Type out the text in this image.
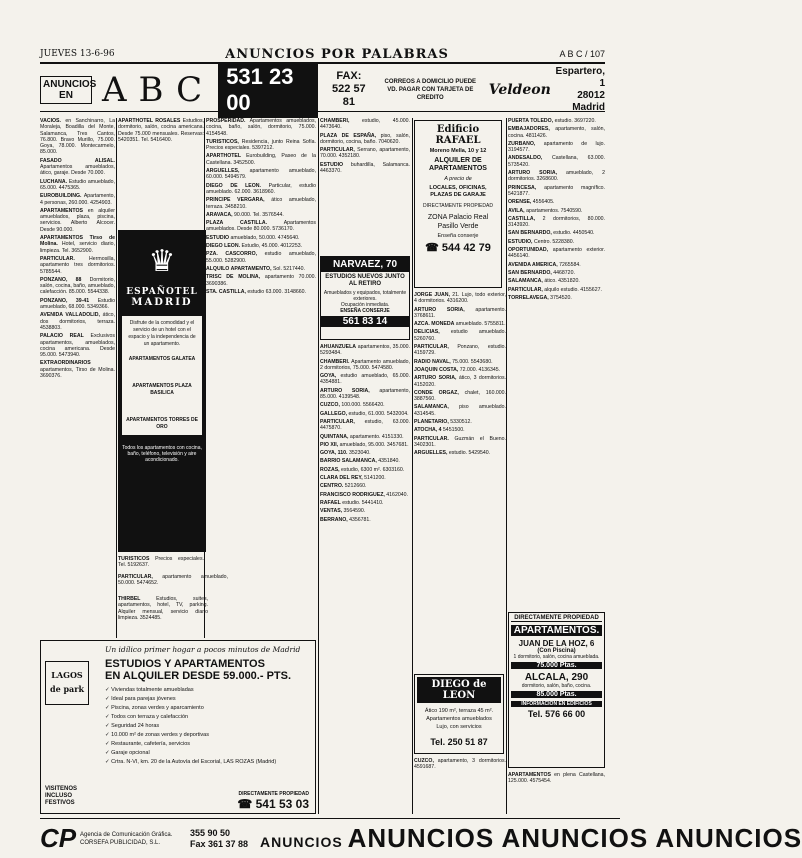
JUEVES 13-6-96	ANUNCIOS POR PALABRAS	A B C / 107
ANUNCIOS EN ABC 531 23 00
FAX:
522 57 81
CORREOS A DOMICILIO PUEDE VD. PAGAR CON TARJETA DE CREDITO	Veldeon
Espartero, 1
28012 Madrid

VACIOS. en Sanchinarro, La Moraleja, Boadilla del Monte, Salamanca, Tres Cantos, 76.800. Bravo Murillo, 75.000. Goya, 78.000. Montecarmelo, 85.000.

FASADO ALISAL. Apartamentos amueblados, ático, garaje. Desde 70.000.

LUCHANA. Estudio amueblado, 65.000. 4475365.

EUROBUILDING. Apartamento, 4 personas, 260.000. 4254903.

APARTAMENTOS en alquiler amueblados, plaza, piscina, servicios. Alberto Alcocer. Desde 90.000.

APARTAMENTOS Tirso de Molina. Hotel, servicio diario, limpieza. Tel. 3652900.

PARTICULAR. Hermosilla, apartamento tres dormitorios. 5785544.

PONZANO, 88 Dormitorio, salón, cocina, baño, amueblado, calefacción. 85.000. 5544338.

PONZANO, 39-41 Estudio amueblado, 68.000. 5349366.

AVENIDA VALLADOLID, ático, dos dormitorios, terraza. 4538803.

PALACIO REAL Exclusivos apartamentos, amueblados, cocina americana. Desde 95.000. 5473940.

EXTRAORDINARIOS apartamentos, Tirso de Molina. 3690376.

APARTHOTEL ROSALES Estudios, dormitorio, salón, cocina americana. Desde 75.000 mensuales. Reservas: 5420351. Tel. 5416400.

♛
ESPAÑOTEL
MADRID
Disfrute de la comodidad y el servicio de un hotel con el espacio y la independencia de un apartamento.
APARTAMENTOS GALATEA
APARTAMENTOS PLAZA BASILICA
APARTAMENTOS TORRES DE ORO
Todos los apartamentos con cocina, baño, teléfono, televisión y aire acondicionado.

TURISTICOS Precios especiales. Tel. 5192637.

PROSPERIDAD. Apartamentos amueblados, cocina, baño, salón, dormitorio, 75.000. 4154548.

TURISTICOS, Residencia, junto Reina Sofía. Precios especiales. 5397212.

APARTHOTEL Eurobuilding, Paseo de la Castellana. 3452500.

ARGUELLES, apartamento amueblado, 60.000. 5494579.

DIEGO DE LEON. Particular, estudio amueblado. 62.000. 3618960.

PRINCIPE VERGARA, ático amueblado, terraza. 3458210.

ARAVACA, 90.000. Tel. 3576544.

PLAZA CASTILLA. Apartamentos amueblados. Desde 80.000. 5736170.

ESTUDIO amueblado, 50.000. 4745640.

DIEGO LEON. Estudio, 45.000. 4012253.

PZA. CASCORRO, estudio amueblado, 55.000. 5282900.

ALQUILO APARTAMENTO, Sol. 5217440.

TRISC DE MOLINA, apartamento 70.000. 3690386.

STA. CASTILLA, estudio 63.000. 3148660.

PARTICULAR, apartamento amueblado, 50.000. 5474652.

THIRBEL	Estudios, suites, apartamentos, hotel, TV, parking. Alquiler mensual, servicio diario limpieza. 3524485.

CHAMBERI, estudio, 45.000. 4473640.

PLAZA DE ESPAÑA, piso, salón, dormitorio, cocina, baño. 7040620.

PARTICULAR, Serrano, apartamento, 70.000. 4352180.

ESTUDIO buhardilla, Salamanca. 4463370.

NARVAEZ, 70
ESTUDIOS NUEVOS JUNTO AL RETIRO
Amueblados y equipados, totalmente exteriores.
Ocupación inmediata.
ENSEÑA CONSERJE
561 83 14

AHUANZUELA apartamentos, 35.000. 5293484.

CHAMBERI. Apartamento amueblado, 2 dormitorios, 75.000. 5474580.

GOYA, estudio amueblado, 65.000. 4354881.

ARTURO SORIA, apartamento, 85.000. 4139548.

CUZCO, 100.000. 5566420.

GALLEGO, estudio, 61.000. 5432004.

PARTICULAR, estudio, 63.000. 4475870.

QUINTANA, apartamento. 4151330.

PIO XII, amueblado, 95.000. 3457681.

GOYA, 110. 3523040.

BARRIO SALAMANCA, 4351840.

ROZAS, estudio, 6300 m². 6303160.

CLARA DEL REY, 5141200.

CENTRO. 5212660.

FRANCISCO RODRIGUEZ, 4162040.

RAFAEL estudio. 5441410.

VENTAS, 3564590.

BERRANO, 4356781.

Edificio RAFAEL
Moreno Mella, 10 y 12
ALQUILER DE APARTAMENTOS
A precio de
LOCALES, OFICINAS, PLAZAS DE GARAJE
DIRECTAMENTE PROPIEDAD
ZONA Palacio Real Pasillo Verde
Enseña conserje
☎ 544 42 79

JORGE JUAN, 21. Lujo, todo exterior, 4 dormitorios. 4316200.

ARTURO SORIA, apartamento. 3768611.

AZCA. MONEDA amueblado. 5755811.

DELICIAS, estudio amueblado. 5260760.

PARTICULAR, Ponzano, estudio. 4159729.

RADIO NAVAL, 75.000. 5543680.

JOAQUIN COSTA, 72.000. 4136345.

ARTURO SORIA, ático, 3 dormitorios. 4152020.

CONDE ORGAZ, chalet, 160.000. 3887560.

SALAMANCA, piso amueblado. 4314545.

PLANETARIO, 5330512.

ATOCHA, 4 5451500.

PARTICULAR. Guzmán el Bueno. 3402301.

ARGUELLES, estudio. 5429540.

DIEGO de LEON
Ático 190 m², terraza 45 m².
Apartamentos amueblados
Lujo, con servicios
Tel. 250 51 87

CUZCO, apartamento, 3 dormitorios. 4591687.

PUERTA TOLEDO, estudio. 3697220.

EMBAJADORES, apartamento, salón, cocina. 4811426.

ZURBANO, apartamento de lujo. 3194577.

ANDESALDO, Castellana, 63.000. 5735420.

ARTURO SORIA, amueblado, 2 dormitorios. 3268600.

PRINCESA, apartamento magnífico. 5421877.

ORENSE, 4556405.

AVILA, apartamentos. 7540590.

CASTILLA, 2 dormitorios, 80.000. 3143920.

SAN BERNARDO, estudio. 4450540.

ESTUDIO, Centro. 5228380.

OPORTUNIDAD, apartamento exterior. 4456140.

AVENIDA AMERICA, 7265584.

SAN BERNARDO, 4468720.

SALAMANCA, ático. 4351820.

PARTICULAR, alquilo estudio. 4155627.

TORRELAVEGA, 3754520.

DIRECTAMENTE PROPIEDAD
APARTAMENTOS.
JUAN DE LA HOZ, 6
(Con Piscina)
1 dormitorio, salón, cocina amueblada.
75.000 Ptas.
ALCALA, 290
dormitorio, salón, baño, cocina.
85.000 Ptas.
INFORMACION EN EDIFICIOS
Tel. 576 66 00

APARTAMENTOS en plena Castellana, 125.000. 4575454.

LAGOS de park
Un idílico primer hogar a pocos minutos de Madrid
ESTUDIOS Y APARTAMENTOS
EN ALQUILER DESDE 59.000.- PTS.
✓ Viviendas totalmente amuebladas
✓ Ideal para parejas jóvenes
✓ Piscina, zonas verdes y aparcamiento
✓ Todos con terraza y calefacción
✓ Seguridad 24 horas
✓ 10.000 m² de zonas verdes y deportivas
✓ Restaurante, cafetería, servicios
✓ Garaje opcional
✓ Crtra. N-VI, km. 20 de la Autovía del Escorial, LAS ROZAS (Madrid)
VISITENOS INCLUSO FESTIVOS
DIRECTAMENTE PROPIEDAD
☎ 541 53 03
CP Agencia de Comunicación Gráfica. CORSEFA PUBLICIDAD, S.L.
355 90 50
Fax 361 37 88 ANUNCIOS ANUNCIOS ANUNCIOS ANUNCIOS
